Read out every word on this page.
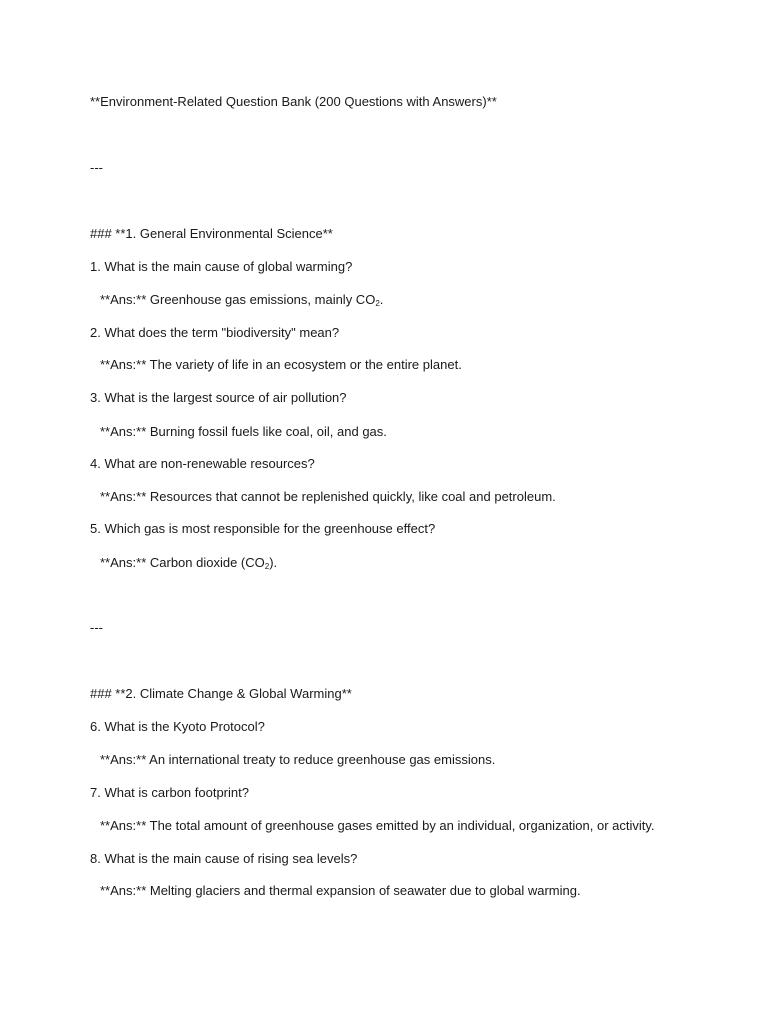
**Environment-Related Question Bank (200 Questions with Answers)**
---
### **1. General Environmental Science**
1. What is the main cause of global warming?
**Ans:** Greenhouse gas emissions, mainly $CO_2$.
2. What does the term "biodiversity" mean?
**Ans:** The variety of life in an ecosystem or the entire planet.
3. What is the largest source of air pollution?
**Ans:** Burning fossil fuels like coal, oil, and gas.
4. What are non-renewable resources?
**Ans:** Resources that cannot be replenished quickly, like coal and petroleum.
5. Which gas is most responsible for the greenhouse effect?
**Ans:** Carbon dioxide $(CO_2)$.
---
### **2. Climate Change & Global Warming**
6. What is the Kyoto Protocol?
**Ans:** An international treaty to reduce greenhouse gas emissions.
7. What is carbon footprint?
**Ans:** The total amount of greenhouse gases emitted by an individual, organization, or activity.
8. What is the main cause of rising sea levels?
**Ans:** Melting glaciers and thermal expansion of seawater due to global warming.
